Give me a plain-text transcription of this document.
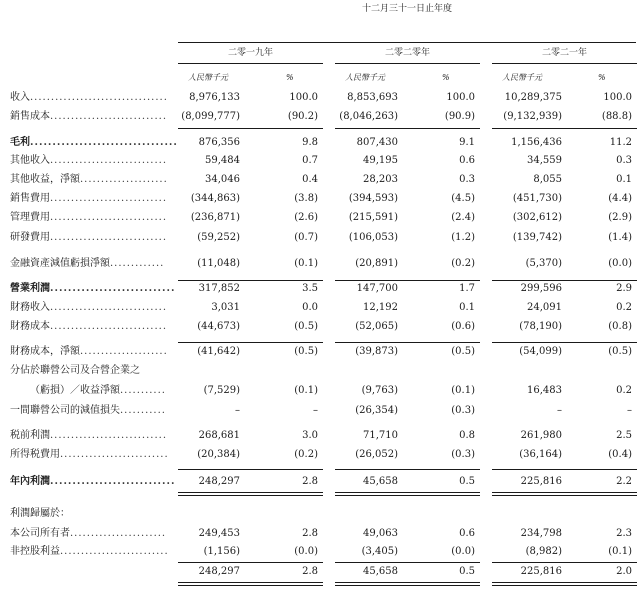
十二月三十一日止年度
二零一九年	二零二零年	二零二一年
人民幣千元	%	人民幣千元	%	人民幣千元	%
收入.................................	8,976,133	100.0	8,853,693	100.0	10,289,375	100.0
銷售成本............................	(8,099,777)	(90.2)	(8,046,263)	(90.9)	(9,132,939)	(88.8)
毛利.................................	876,356	9.8	807,430	9.1	1,156,436	11.2
其他收入............................	59,484	0.7	49,195	0.6	34,559	0.3
其他收益，淨額.....................	34,046	0.4	28,203	0.3	8,055	0.1
銷售費用............................	(344,863)	(3.8)	(394,593)	(4.5)	(451,730)	(4.4)
管理費用............................	(236,871)	(2.6)	(215,591)	(2.4)	(302,612)	(2.9)
研發費用............................	(59,252)	(0.7)	(106,053)	(1.2)	(139,742)	(1.4)
金融資產減值虧損淨額.............	(11,048)	(0.1)	(20,891)	(0.2)	(5,370)	(0.0)
營業利潤............................	317,852	3.5	147,700	1.7	299,596	2.9
財務收入............................	3,031	0.0	12,192	0.1	24,091	0.2
財務成本............................	(44,673)	(0.5)	(52,065)	(0.6)	(78,190)	(0.8)
財務成本，淨額.....................	(41,642)	(0.5)	(39,873)	(0.5)	(54,099)	(0.5)
分佔於聯營公司及合營企業之
（虧損）／收益淨額...........	(7,529)	(0.1)	(9,763)	(0.1)	16,483	0.2
一間聯營公司的減值損失...........	–	–	(26,354)	(0.3)	–	–
税前利潤............................	268,681	3.0	71,710	0.8	261,980	2.5
所得税費用..........................	(20,384)	(0.2)	(26,052)	(0.3)	(36,164)	(0.4)
年內利潤............................	248,297	2.8	45,658	0.5	225,816	2.2
利潤歸屬於：
本公司所有者.......................	249,453	2.8	49,063	0.6	234,798	2.3
非控股利益..........................	(1,156)	(0.0)	(3,405)	(0.0)	(8,982)	(0.1)
248,297	2.8	45,658	0.5	225,816	2.0
